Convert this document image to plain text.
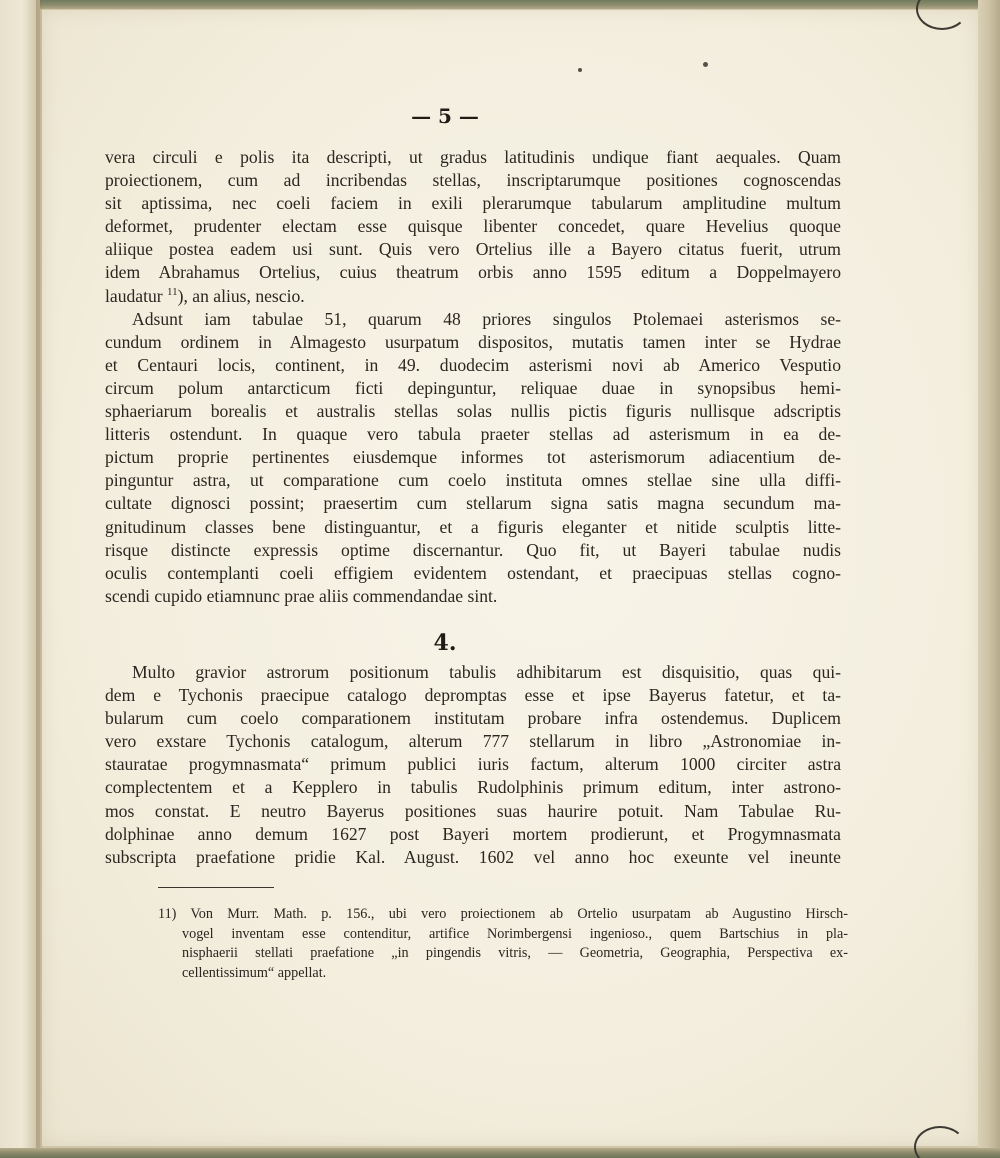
— 5 —

vera circuli e polis ita descripti, ut gradus latitudinis undique fiant aequales. Quam

proiectionem, cum ad incribendas stellas, inscriptarumque positiones cognoscendas

sit aptissima, nec coeli faciem in exili plerarumque tabularum amplitudine multum

deformet, prudenter electam esse quisque libenter concedet, quare Hevelius quoque

aliique postea eadem usi sunt. Quis vero Ortelius ille a Bayero citatus fuerit, utrum

idem Abrahamus Ortelius, cuius theatrum orbis anno 1595 editum a Doppelmayero

laudatur $^{11}$), an alius, nescio.

Adsunt iam tabulae 51, quarum 48 priores singulos Ptolemaei asterismos se-

cundum ordinem in Almagesto usurpatum dispositos, mutatis tamen inter se Hydrae

et Centauri locis, continent, in 49. duodecim asterismi novi ab Americo Vesputio

circum polum antarcticum ficti depinguntur, reliquae duae in synopsibus hemi-

sphaeriarum borealis et australis stellas solas nullis pictis figuris nullisque adscriptis

litteris ostendunt. In quaque vero tabula praeter stellas ad asterismum in ea de-

pictum proprie pertinentes eiusdemque informes tot asterismorum adiacentium de-

pinguntur astra, ut comparatione cum coelo instituta omnes stellae sine ulla diffi-

cultate dignosci possint; praesertim cum stellarum signa satis magna secundum ma-

gnitudinum classes bene distinguantur, et a figuris eleganter et nitide sculptis litte-

risque distincte expressis optime discernantur. Quo fit, ut Bayeri tabulae nudis

oculis contemplanti coeli effigiem evidentem ostendant, et praecipuas stellas cogno-

scendi cupido etiamnunc prae aliis commendandae sint.

4.

Multo gravior astrorum positionum tabulis adhibitarum est disquisitio, quas qui-

dem e Tychonis praecipue catalogo depromptas esse et ipse Bayerus fatetur, et ta-

bularum cum coelo comparationem institutam probare infra ostendemus. Duplicem

vero exstare Tychonis catalogum, alterum 777 stellarum in libro „Astronomiae in-

stauratae progymnasmata“ primum publici iuris factum, alterum 1000 circiter astra

complectentem et a Kepplero in tabulis Rudolphinis primum editum, inter astrono-

mos constat. E neutro Bayerus positiones suas haurire potuit. Nam Tabulae Ru-

dolphinae anno demum 1627 post Bayeri mortem prodierunt, et Progymnasmata

subscripta praefatione pridie Kal. August. 1602 vel anno hoc exeunte vel ineunte

11) Von Murr. Math. p. 156., ubi vero proiectionem ab Ortelio usurpatam ab Augustino Hirsch-
vogel inventam esse contenditur, artifice Norimbergensi ingenioso., quem Bartschius in pla-
nisphaerii stellati praefatione „in pingendis vitris, — Geometria, Geographia, Perspectiva ex-
cellentissimum“ appellat.
